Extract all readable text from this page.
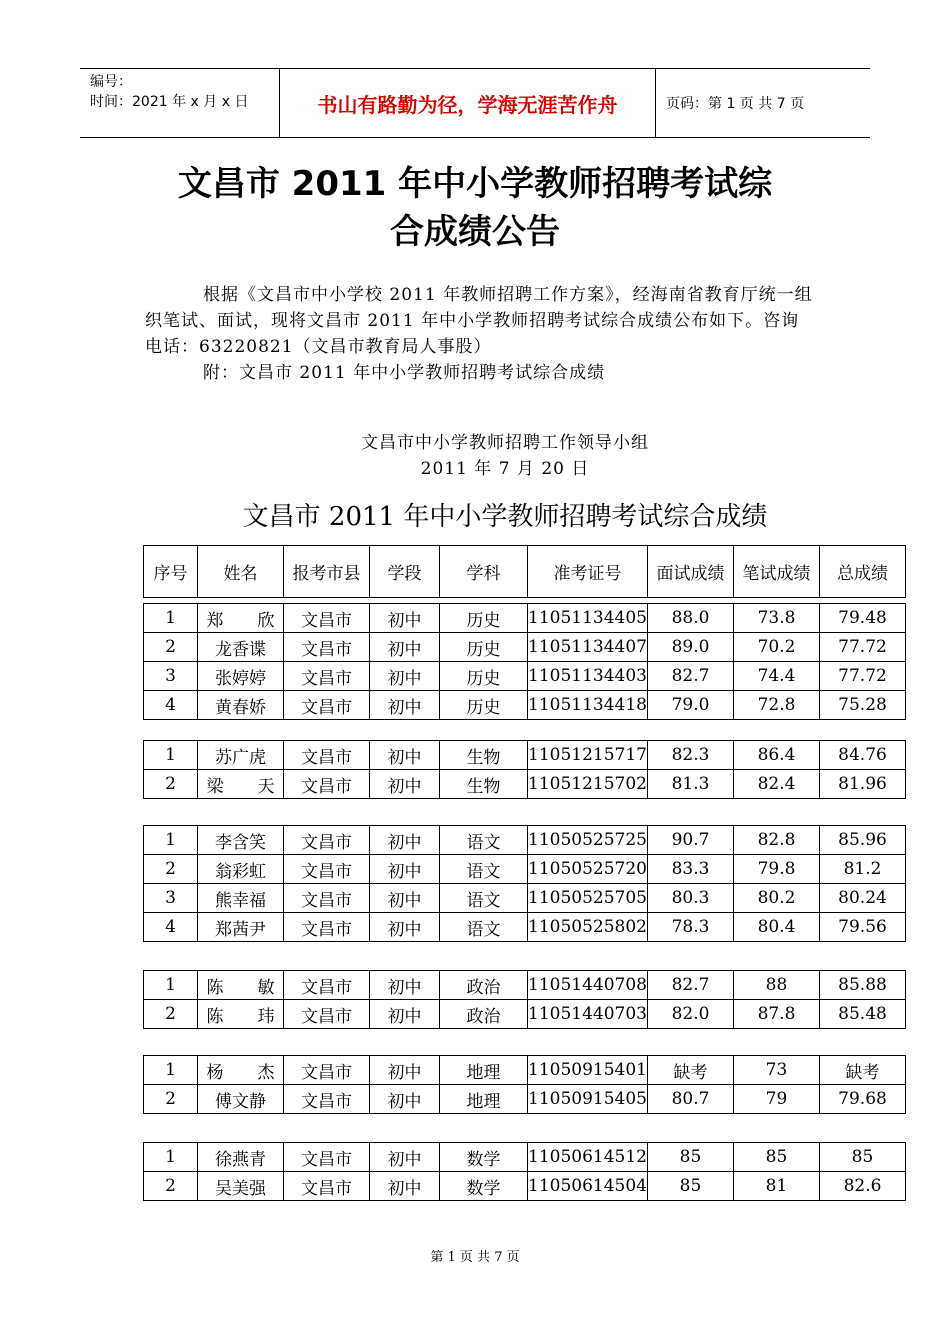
编号：
时间：2021 年 x 月 x 日	书山有路勤为径，学海无涯苦作舟	页码：第 1 页 共 7 页
文昌市 2011 年中小学教师招聘考试综
合成绩公告

根据《文昌市中小学校 2011 年教师招聘工作方案》，经海南省教育厅统一组织笔试、面试，现将文昌市 2011 年中小学教师招聘考试综合成绩公布如下。咨询电话：63220821（文昌市教育局人事股）

附：文昌市 2011 年中小学教师招聘考试综合成绩

文昌市中小学教师招聘工作领导小组
2011 年 7 月 20 日
文昌市 2011 年中小学教师招聘考试综合成绩
序号	姓名	报考市县	学段	学科	准考证号	面试成绩	笔试成绩	总成绩

1	郑　　欣	文昌市	初中	历史	11051134405	88.0	73.8	79.48
2	龙香谍	文昌市	初中	历史	11051134407	89.0	70.2	77.72
3	张婷婷	文昌市	初中	历史	11051134403	82.7	74.4	77.72
4	黄春娇	文昌市	初中	历史	11051134418	79.0	72.8	75.28
1	苏广虎	文昌市	初中	生物	11051215717	82.3	86.4	84.76
2	梁　　天	文昌市	初中	生物	11051215702	81.3	82.4	81.96
1	李含笑	文昌市	初中	语文	11050525725	90.7	82.8	85.96
2	翁彩虹	文昌市	初中	语文	11050525720	83.3	79.8	81.2
3	熊幸福	文昌市	初中	语文	11050525705	80.3	80.2	80.24
4	郑茜尹	文昌市	初中	语文	11050525802	78.3	80.4	79.56
1	陈　　敏	文昌市	初中	政治	11051440708	82.7	88	85.88
2	陈　　玮	文昌市	初中	政治	11051440703	82.0	87.8	85.48
1	杨　　杰	文昌市	初中	地理	11050915401	缺考	73	缺考
2	傅文静	文昌市	初中	地理	11050915405	80.7	79	79.68
1	徐燕青	文昌市	初中	数学	11050614512	85	85	85
2	吴美强	文昌市	初中	数学	11050614504	85	81	82.6
第 1 页 共 7 页
